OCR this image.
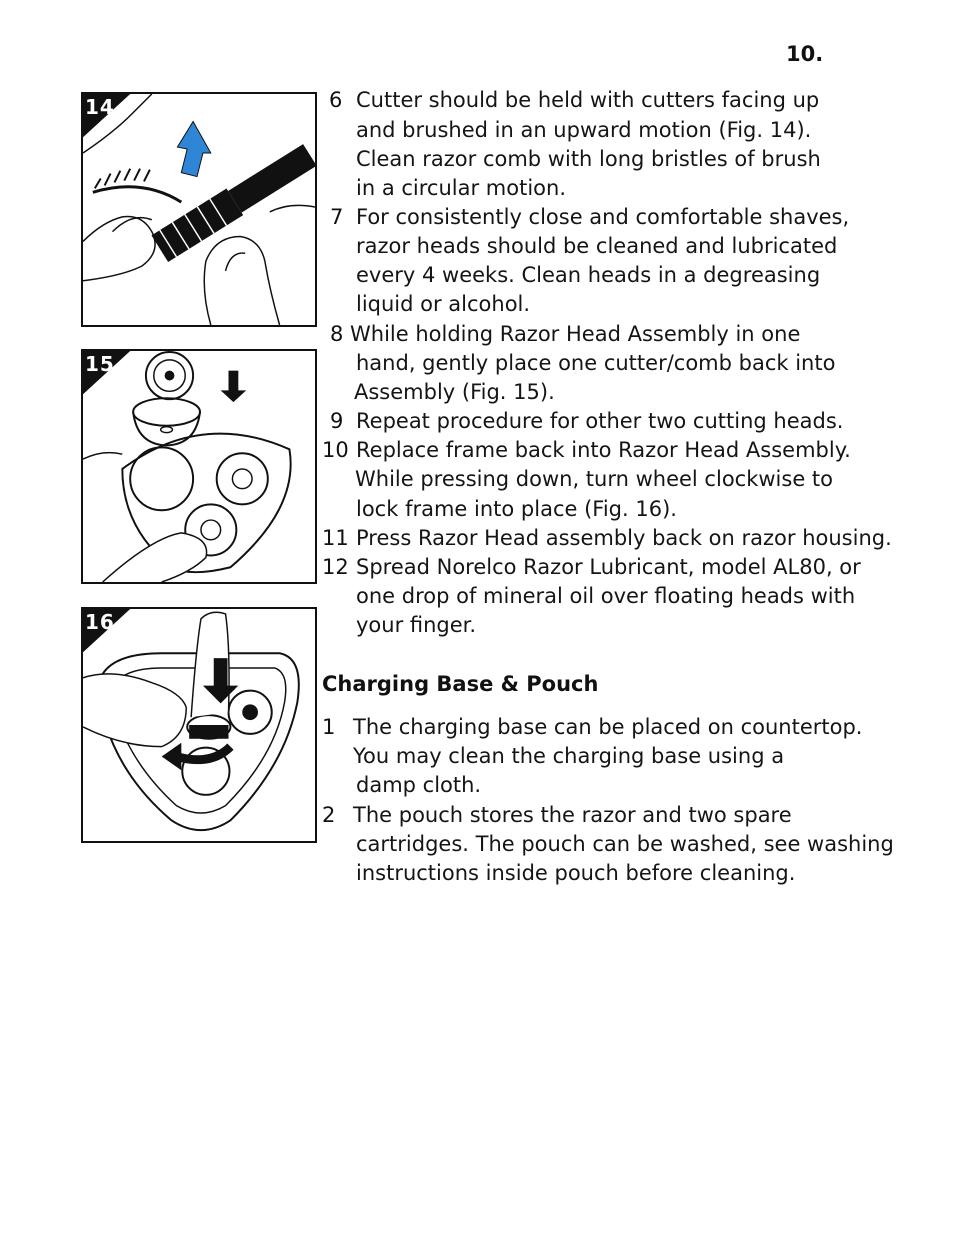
10.
14
15
16
6 Cutter should be held with cutters facing up
and brushed in an upward motion (Fig. 14).
Clean razor comb with long bristles of brush
in a circular motion.
7 For consistently close and comfortable shaves,
razor heads should be cleaned and lubricated
every 4 weeks. Clean heads in a degreasing
liquid or alcohol.
8 While holding Razor Head Assembly in one
hand, gently place one cutter/comb back into
Assembly (Fig. 15).
9 Repeat procedure for other two cutting heads.
10 Replace frame back into Razor Head Assembly.
While pressing down, turn wheel clockwise to
lock frame into place (Fig. 16).
11 Press Razor Head assembly back on razor housing.
12 Spread Norelco Razor Lubricant, model AL80, or
one drop of mineral oil over floating heads with
your finger.
Charging Base & Pouch
1 The charging base can be placed on countertop.
You may clean the charging base using a
damp cloth.
2 The pouch stores the razor and two spare
cartridges. The pouch can be washed, see washing
instructions inside pouch before cleaning.
